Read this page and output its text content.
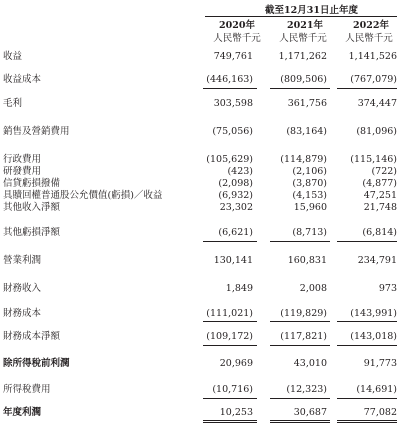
截至12月31日止年度
2020年	2021年	2022年
人民幣千元	人民幣千元	人民幣千元
收益	749,761	1,171,262	1,141,526
收益成本	(446,163)	(809,506)	(767,079)
毛利	303,598	361,756	374,447
銷售及營銷費用	(75,056)	(83,164)	(81,096)
行政費用	(105,629)	(114,879)	(115,146)
研發費用	(423)	(2,106)	(722)
信貸虧損撥備	(2,098)	(3,870)	(4,877)
具贖回權普通股公允價值(虧損)／收益	(6,932)	(4,153)	47,251
其他收入淨額	23,302	15,960	21,748
其他虧損淨額	(6,621)	(8,713)	(6,814)
營業利潤	130,141	160,831	234,791
財務收入	1,849	2,008	973
財務成本	(111,021)	(119,829)	(143,991)
財務成本淨額	(109,172)	(117,821)	(143,018)
除所得稅前利潤	20,969	43,010	91,773
所得稅費用	(10,716)	(12,323)	(14,691)
年度利潤	10,253	30,687	77,082
